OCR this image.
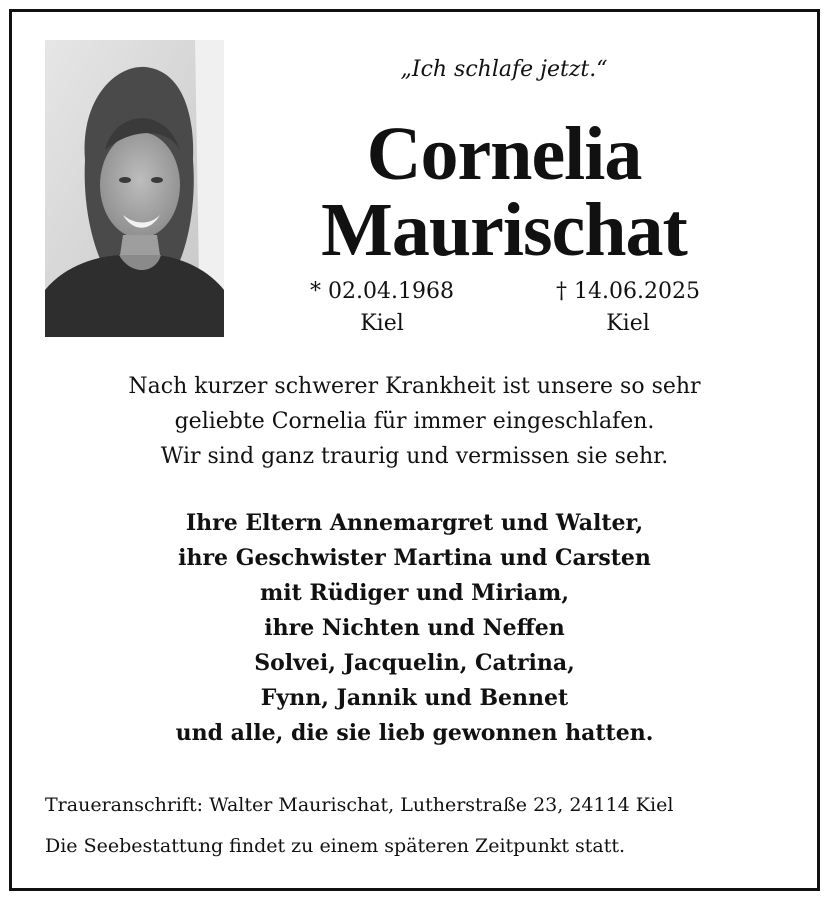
„Ich schlafe jetzt.“
Cornelia
Maurischat
* 02.04.1968	† 14.06.2025
Kiel	Kiel
Nach kurzer schwerer Krankheit ist unsere so sehr
geliebte Cornelia für immer eingeschlafen.
Wir sind ganz traurig und vermissen sie sehr.
Ihre Eltern Annemargret und Walter,
ihre Geschwister Martina und Carsten
mit Rüdiger und Miriam,
ihre Nichten und Neffen
Solvei, Jacquelin, Catrina,
Fynn, Jannik und Bennet
und alle, die sie lieb gewonnen hatten.
Traueranschrift: Walter Maurischat, Lutherstraße 23, 24114 Kiel
Die Seebestattung findet zu einem späteren Zeitpunkt statt.
